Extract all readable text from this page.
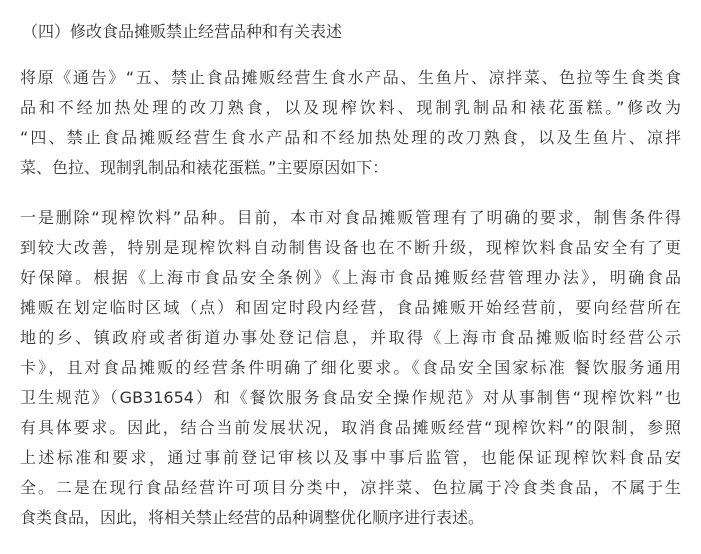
（四）修改食品摊贩禁止经营品种和有关表述
将原《通告》“五、禁止食品摊贩经营生食水产品、生鱼片、凉拌菜、色拉等生食类食
品和不经加热处理的改刀熟食，以及现榨饮料、现制乳制品和裱花蛋糕。”修改为
“四、禁止食品摊贩经营生食水产品和不经加热处理的改刀熟食，以及生鱼片、凉拌
菜、色拉、现制乳制品和裱花蛋糕。”主要原因如下：
一是删除“现榨饮料”品种。目前，本市对食品摊贩管理有了明确的要求，制售条件得
到较大改善，特别是现榨饮料自动制售设备也在不断升级，现榨饮料食品安全有了更
好保障。根据《上海市食品安全条例》《上海市食品摊贩经营管理办法》，明确食品
摊贩在划定临时区域（点）和固定时段内经营，食品摊贩开始经营前，要向经营所在
地的乡、镇政府或者街道办事处登记信息，并取得《上海市食品摊贩临时经营公示
卡》，且对食品摊贩的经营条件明确了细化要求。《食品安全国家标准 餐饮服务通用
卫生规范》（GB31654）和《餐饮服务食品安全操作规范》对从事制售“现榨饮料”也
有具体要求。因此，结合当前发展状况，取消食品摊贩经营“现榨饮料”的限制，参照
上述标准和要求，通过事前登记审核以及事中事后监管，也能保证现榨饮料食品安
全。二是在现行食品经营许可项目分类中，凉拌菜、色拉属于冷食类食品，不属于生
食类食品，因此，将相关禁止经营的品种调整优化顺序进行表述。
